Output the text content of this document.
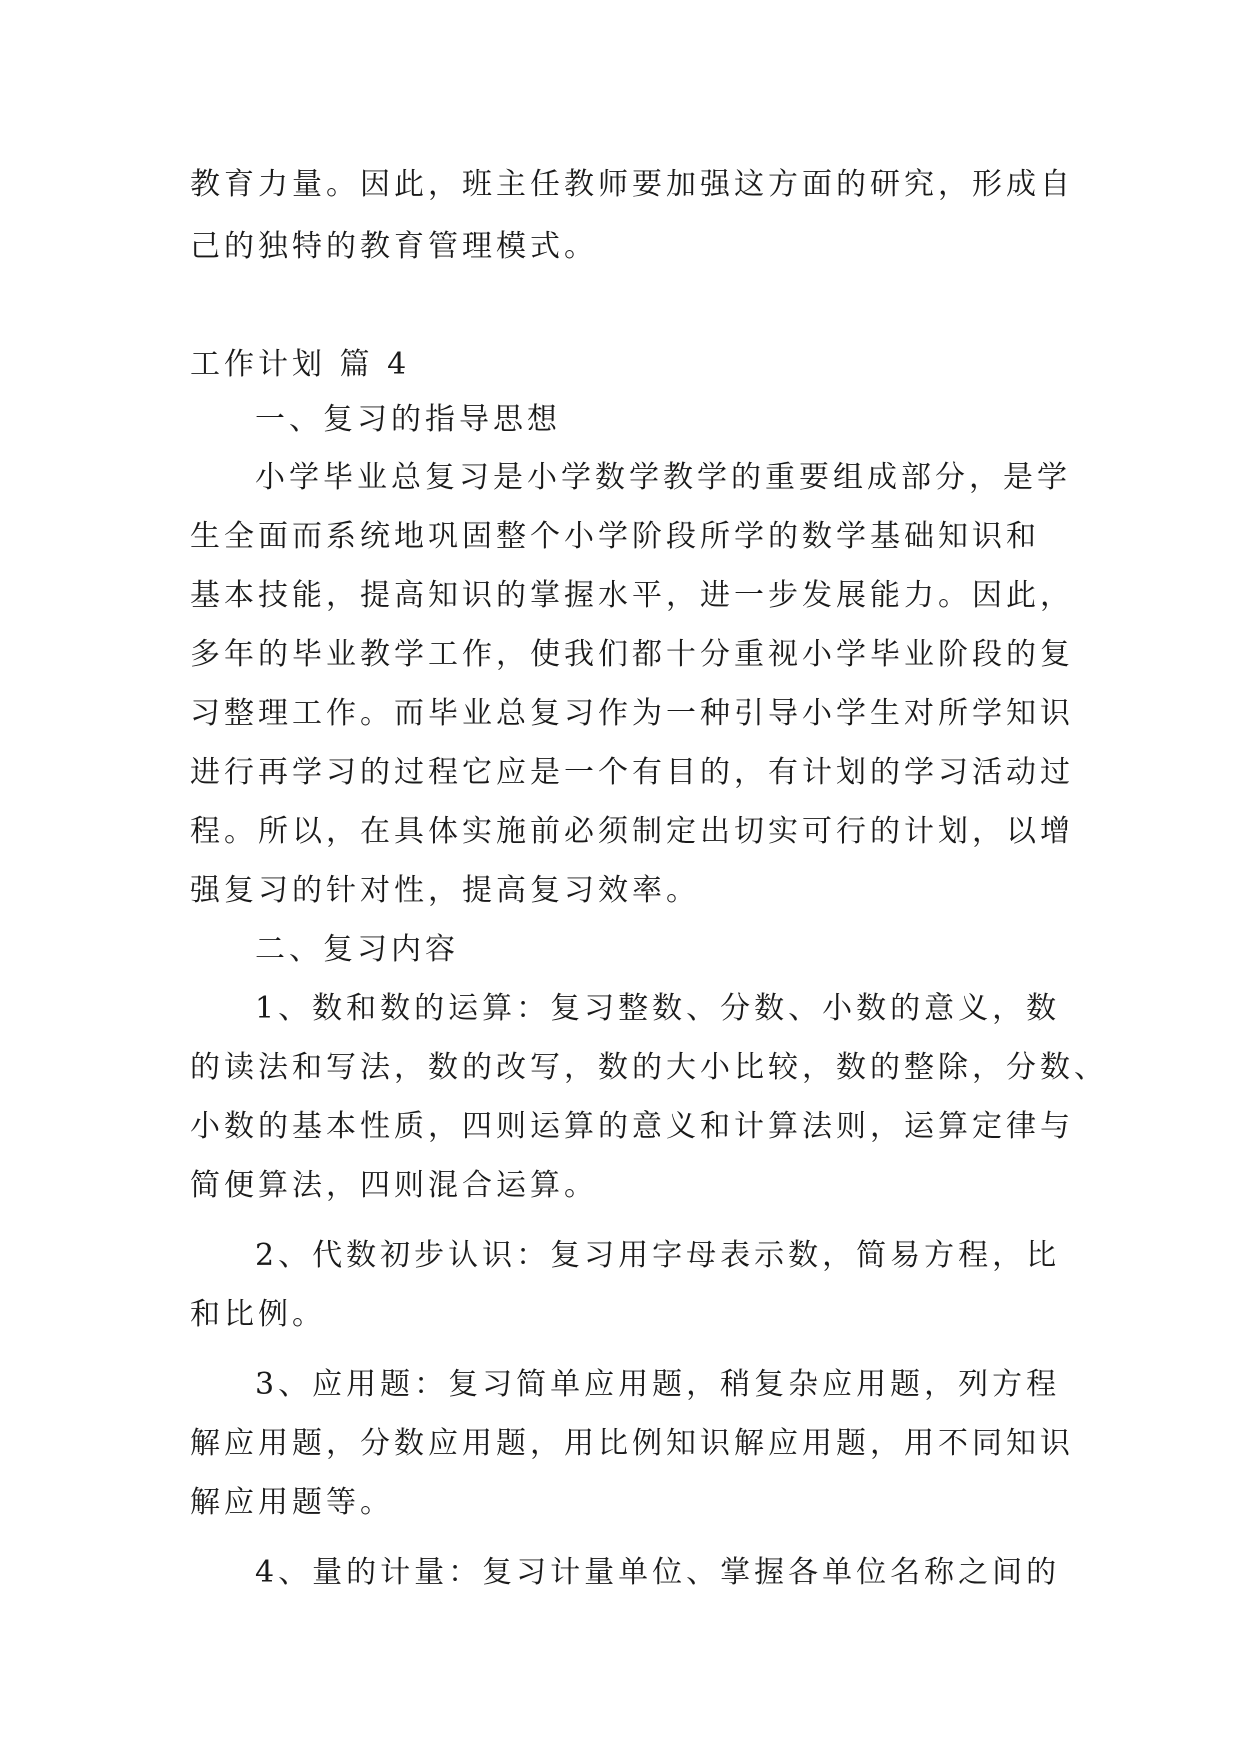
教育力量。因此，班主任教师要加强这方面的研究，形成自
己的独特的教育管理模式。
工作计划 篇 4
一、复习的指导思想
小学毕业总复习是小学数学教学的重要组成部分，是学
生全面而系统地巩固整个小学阶段所学的数学基础知识和
基本技能，提高知识的掌握水平，进一步发展能力。因此，
多年的毕业教学工作，使我们都十分重视小学毕业阶段的复
习整理工作。而毕业总复习作为一种引导小学生对所学知识
进行再学习的过程它应是一个有目的，有计划的学习活动过
程。所以，在具体实施前必须制定出切实可行的计划，以增
强复习的针对性，提高复习效率。
二、复习内容
1、数和数的运算：复习整数、分数、小数的意义，数
的读法和写法，数的改写，数的大小比较，数的整除，分数、
小数的基本性质，四则运算的意义和计算法则，运算定律与
简便算法，四则混合运算。
2、代数初步认识：复习用字母表示数，简易方程，比
和比例。
3、应用题：复习简单应用题，稍复杂应用题，列方程
解应用题，分数应用题，用比例知识解应用题，用不同知识
解应用题等。
4、量的计量：复习计量单位、掌握各单位名称之间的
